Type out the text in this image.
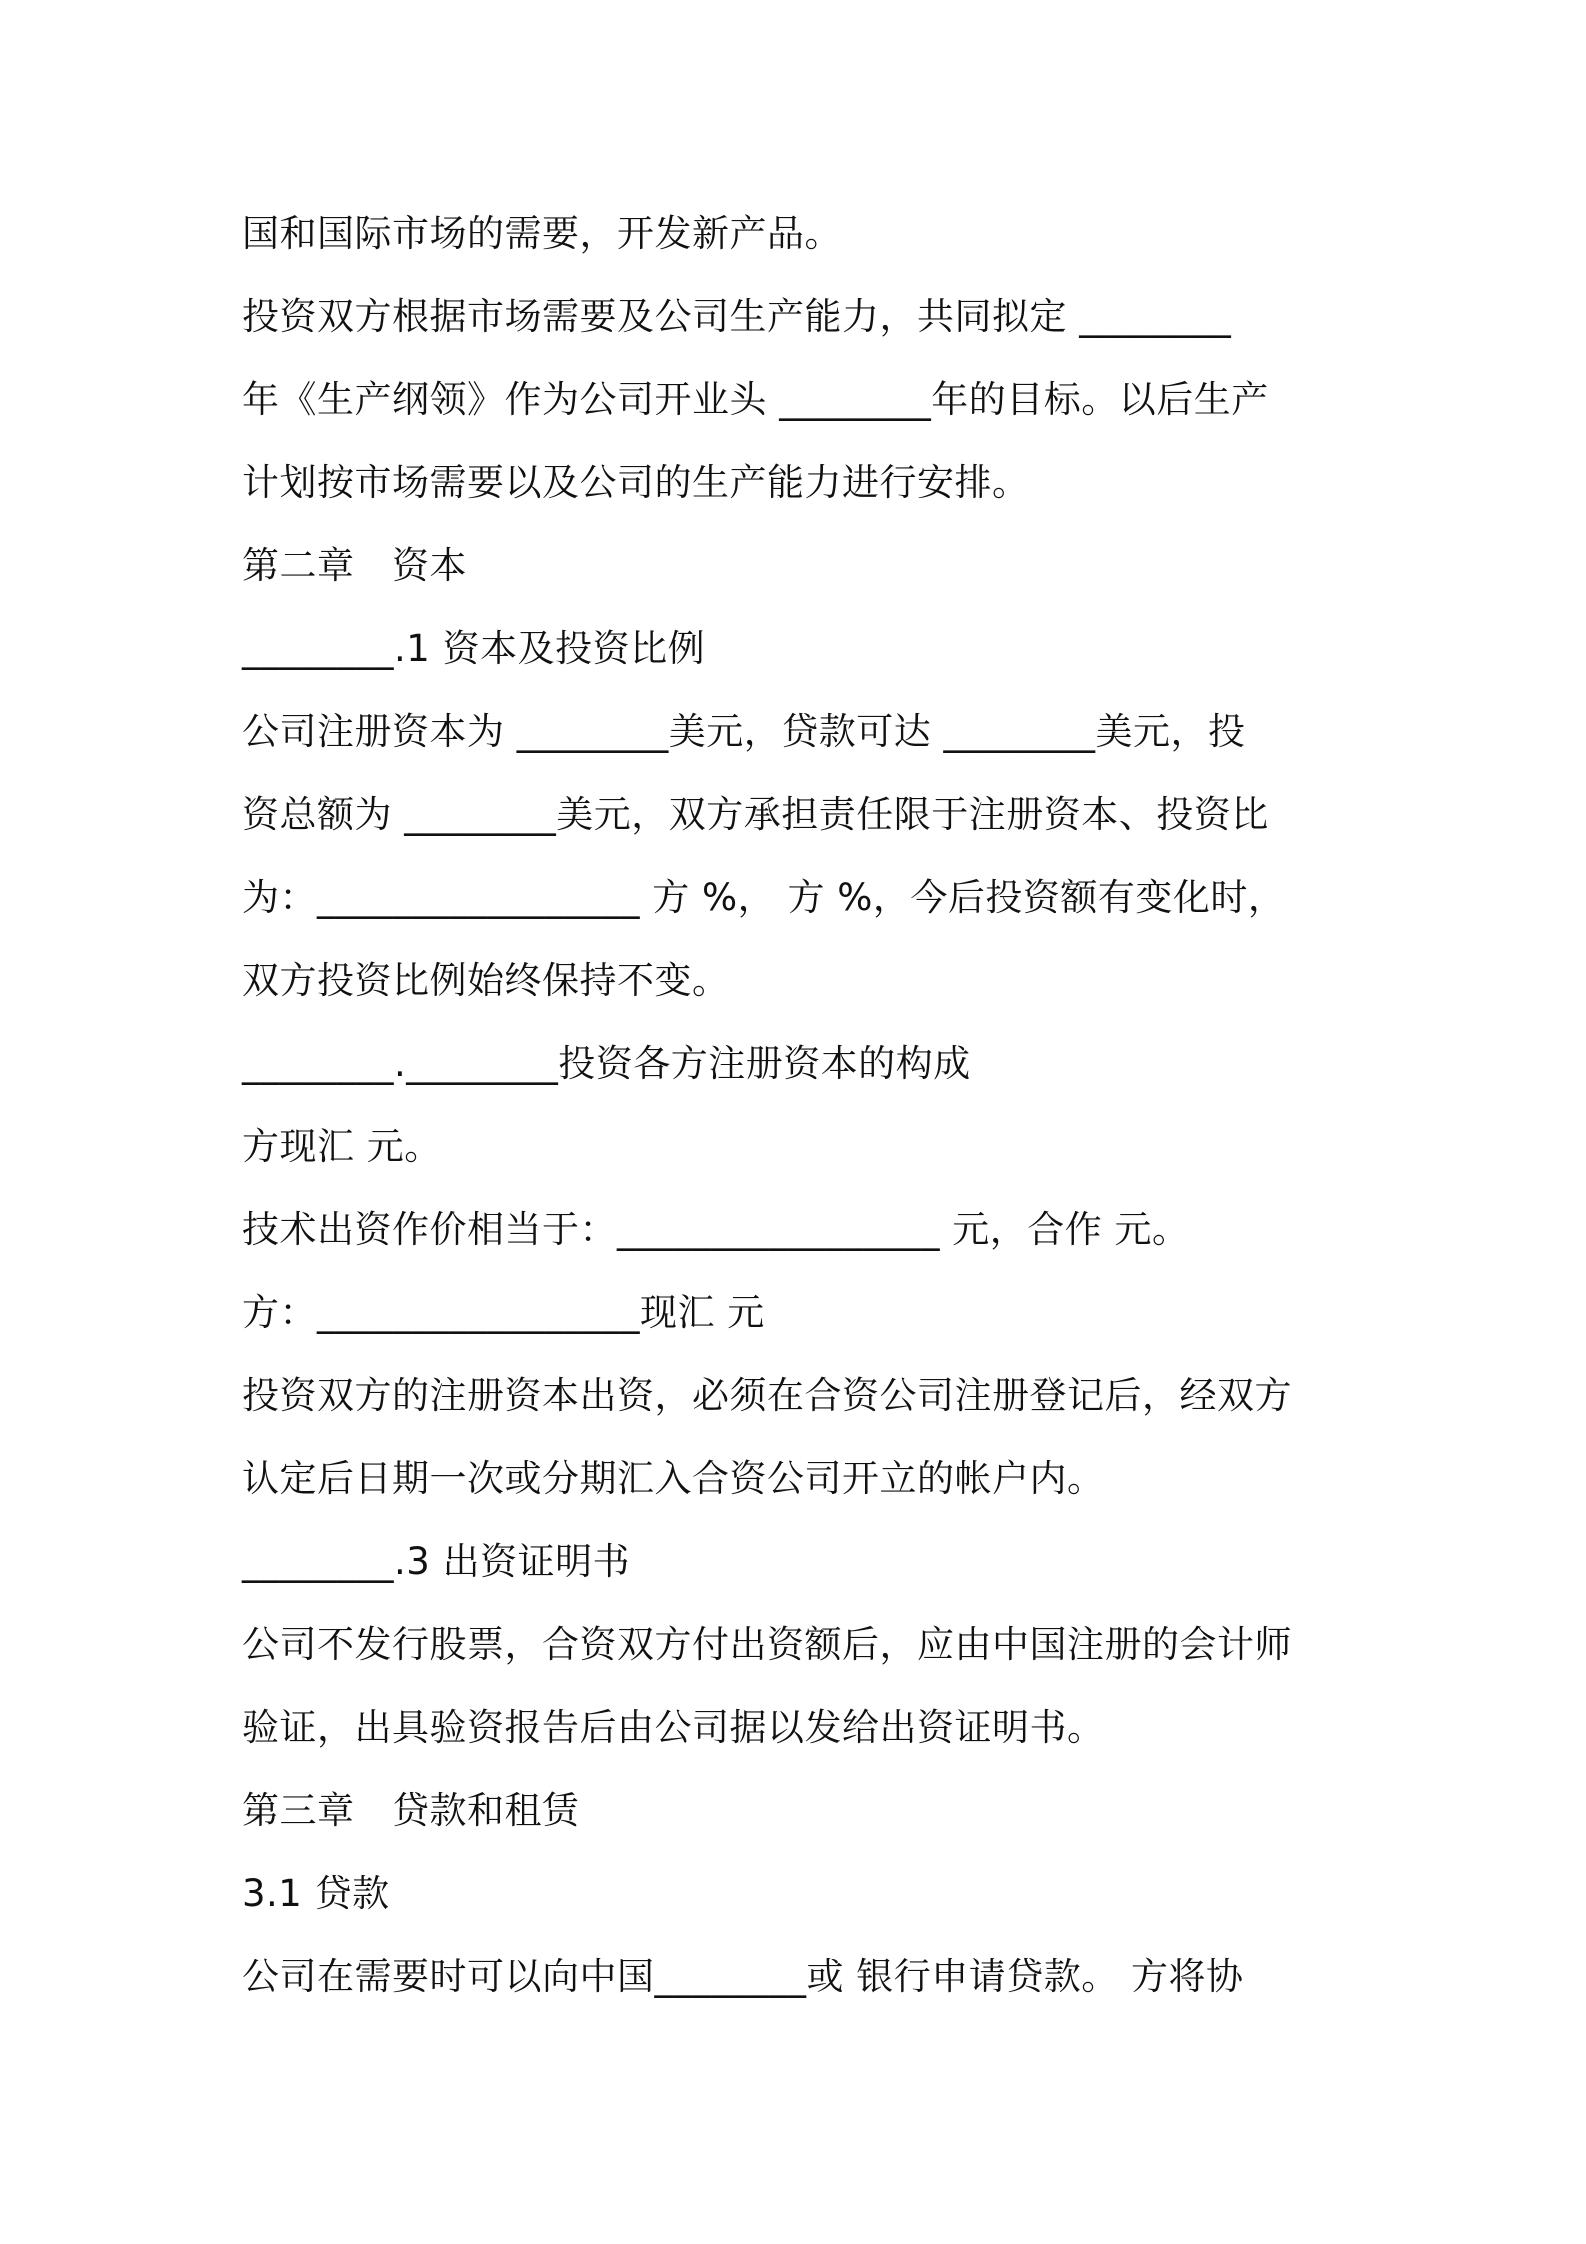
国和国际市场的需要，开发新产品。
投资双方根据市场需要及公司生产能力，共同拟定 ________
年《生产纲领》作为公司开业头 ________年的目标。以后生产
计划按市场需要以及公司的生产能力进行安排。
第二章　资本
________.1 资本及投资比例
公司注册资本为 ________美元，贷款可达 ________美元，投
资总额为 ________美元，双方承担责任限于注册资本、投资比
为：_________________ 方 %， 方 %，今后投资额有变化时，
双方投资比例始终保持不变。
________.________投资各方注册资本的构成
方现汇 元。
技术出资作价相当于：_________________ 元，合作 元。
方：_________________现汇 元
投资双方的注册资本出资，必须在合资公司注册登记后，经双方
认定后日期一次或分期汇入合资公司开立的帐户内。
________.3 出资证明书
公司不发行股票，合资双方付出资额后，应由中国注册的会计师
验证，出具验资报告后由公司据以发给出资证明书。
第三章　贷款和租赁
3.1 贷款
公司在需要时可以向中国________或 银行申请贷款。 方将协
